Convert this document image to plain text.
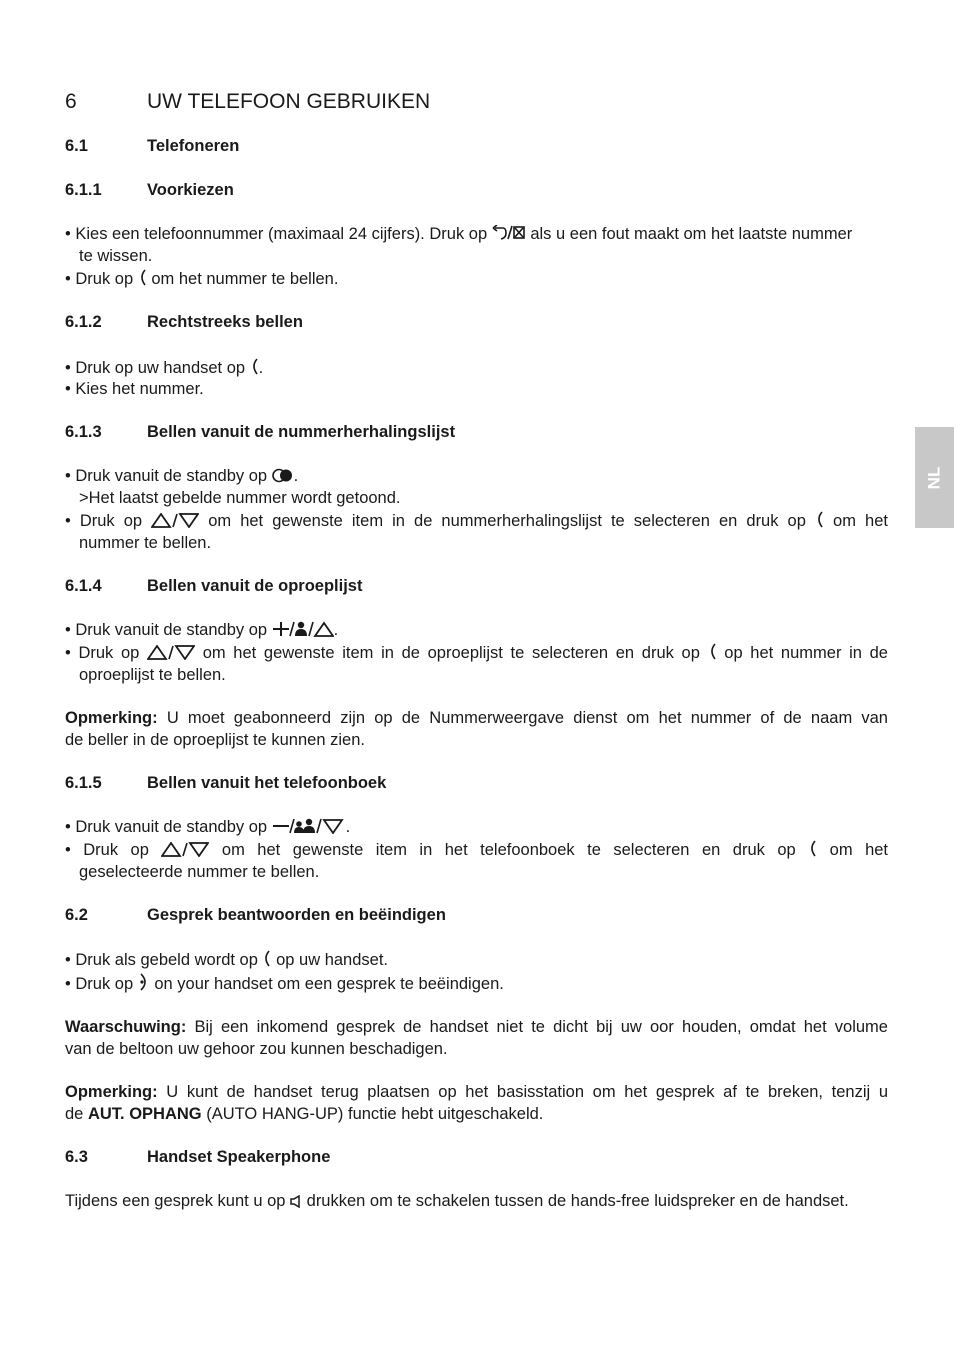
NL
6	UW TELEFOON GEBRUIKEN
6.1	Telefoneren
6.1.1	Voorkiezen
• Kies een telefoonnummer (maximaal 24 cijfers). Druk op	als u een fout maakt om het laatste nummer
te wissen.
• Druk op om het nummer te bellen.
6.1.2	Rechtstreeks bellen
• Druk op uw handset op .
• Kies het nummer.
6.1.3	Bellen vanuit de nummerherhalingslijst
• Druk vanuit de standby op .
>Het laatst gebelde nummer wordt getoond.
• Druk op	om het gewenste item in de nummerherhalingslijst te selecteren en druk op om het
nummer te bellen.
6.1.4	Bellen vanuit de oproeplijst
• Druk vanuit de standby op	.
• Druk op	om het gewenste item in de oproeplijst te selecteren en druk op op het nummer in de
oproeplijst te bellen.
Opmerking: U moet geabonneerd zijn op de Nummerweergave dienst om het nummer of de naam van
de beller in de oproeplijst te kunnen zien.
6.1.5	Bellen vanuit het telefoonboek
• Druk vanuit de standby op	.
• Druk op	om het gewenste item in het telefoonboek te selecteren en druk op om het
geselecteerde nummer te bellen.
6.2	Gesprek beantwoorden en beëindigen
• Druk als gebeld wordt op op uw handset.
• Druk op on your handset om een gesprek te beëindigen.
Waarschuwing: Bij een inkomend gesprek de handset niet te dicht bij uw oor houden, omdat het volume
van de beltoon uw gehoor zou kunnen beschadigen.
Opmerking: U kunt de handset terug plaatsen op het basisstation om het gesprek af te breken, tenzij u
de AUT. OPHANG (AUTO HANG-UP) functie hebt uitgeschakeld.
6.3	Handset Speakerphone
Tijdens een gesprek kunt u op drukken om te schakelen tussen de hands-free luidspreker en de handset.
